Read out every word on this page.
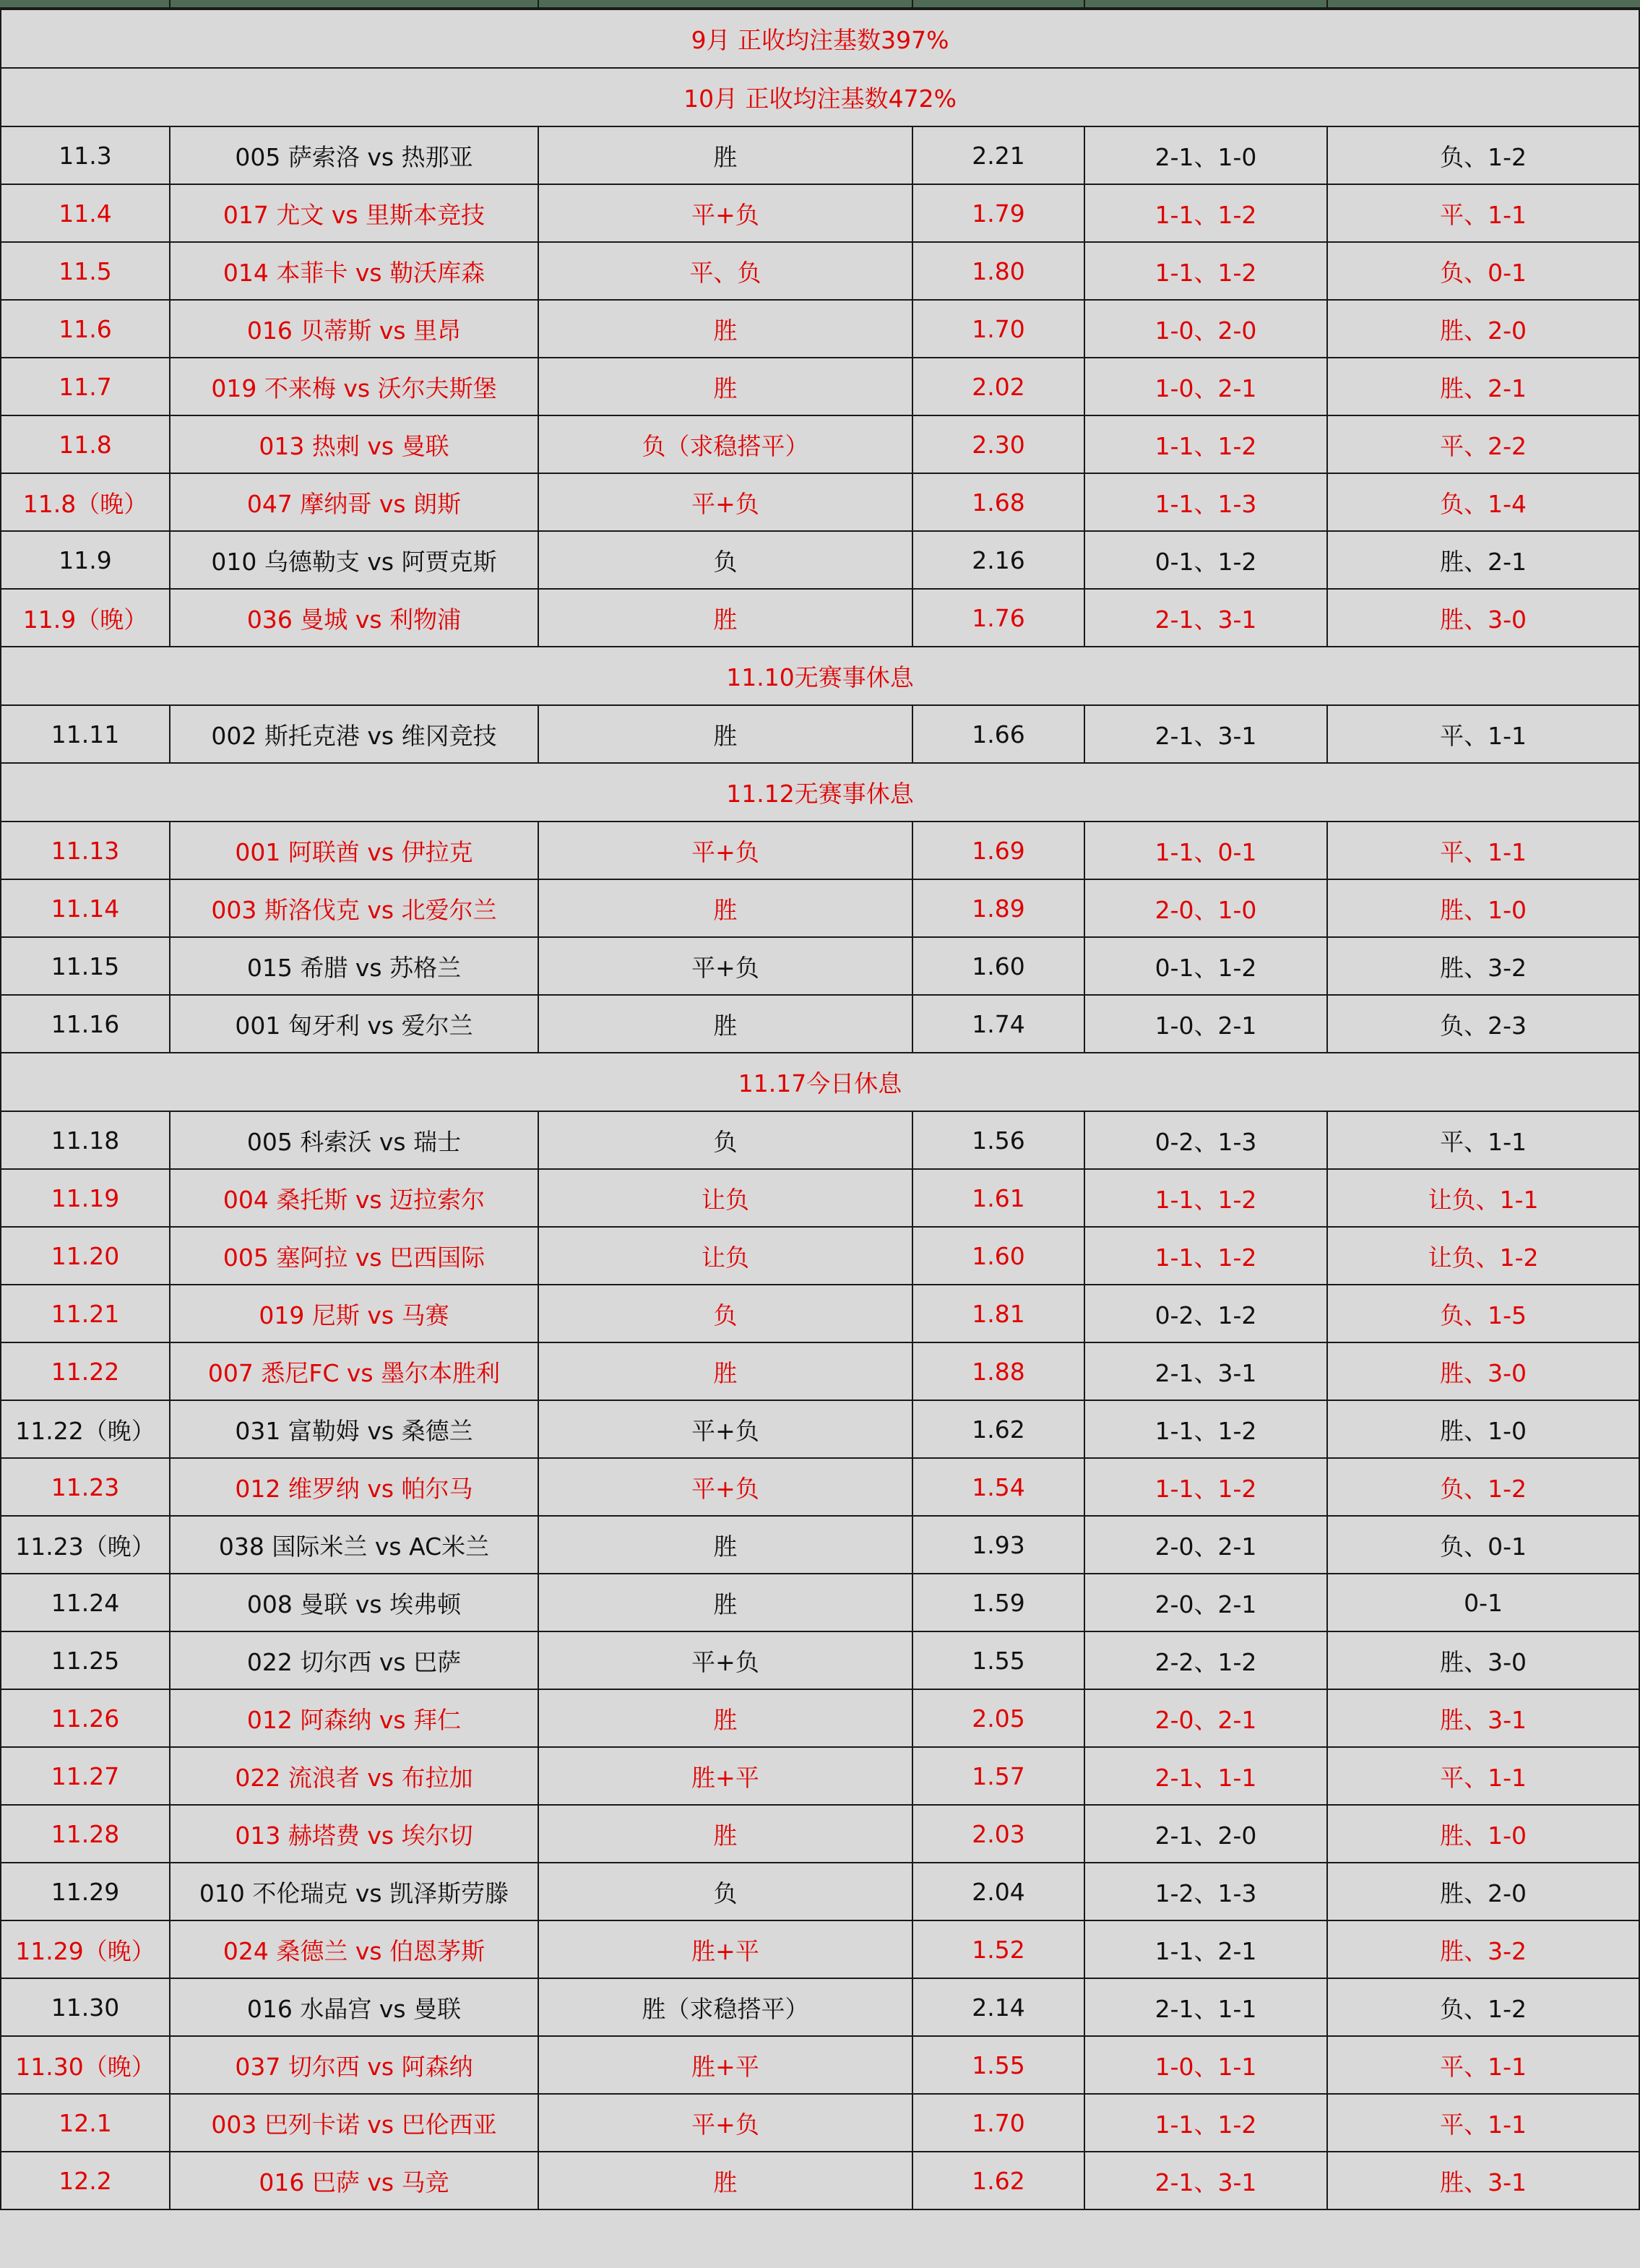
9月 正收均注基数397%					
10月 正收均注基数472%					
11.3	005 萨索洛 vs 热那亚	胜	2.21	2-1、1-0	负、1-2
11.4	017 尤文 vs 里斯本竞技	平+负	1.79	1-1、1-2	平、1-1
11.5	014 本菲卡 vs 勒沃库森	平、负	1.80	1-1、1-2	负、0-1
11.6	016 贝蒂斯 vs 里昂	胜	1.70	1-0、2-0	胜、2-0
11.7	019 不来梅 vs 沃尔夫斯堡	胜	2.02	1-0、2-1	胜、2-1
11.8	013 热刺 vs 曼联	负（求稳搭平）	2.30	1-1、1-2	平、2-2
11.8（晚）	047 摩纳哥 vs 朗斯	平+负	1.68	1-1、1-3	负、1-4
11.9	010 乌德勒支 vs 阿贾克斯	负	2.16	0-1、1-2	胜、2-1
11.9（晚）	036 曼城 vs 利物浦	胜	1.76	2-1、3-1	胜、3-0
11.10无赛事休息					
11.11	002 斯托克港 vs 维冈竞技	胜	1.66	2-1、3-1	平、1-1
11.12无赛事休息					
11.13	001 阿联酋 vs 伊拉克	平+负	1.69	1-1、0-1	平、1-1
11.14	003 斯洛伐克 vs 北爱尔兰	胜	1.89	2-0、1-0	胜、1-0
11.15	015 希腊 vs 苏格兰	平+负	1.60	0-1、1-2	胜、3-2
11.16	001 匈牙利 vs 爱尔兰	胜	1.74	1-0、2-1	负、2-3
11.17今日休息					
11.18	005 科索沃 vs 瑞士	负	1.56	0-2、1-3	平、1-1
11.19	004 桑托斯 vs 迈拉索尔	让负	1.61	1-1、1-2	让负、1-1
11.20	005 塞阿拉 vs 巴西国际	让负	1.60	1-1、1-2	让负、1-2
11.21	019 尼斯 vs 马赛	负	1.81	0-2、1-2	负、1-5
11.22	007 悉尼FC vs 墨尔本胜利	胜	1.88	2-1、3-1	胜、3-0
11.22（晚）	031 富勒姆 vs 桑德兰	平+负	1.62	1-1、1-2	胜、1-0
11.23	012 维罗纳 vs 帕尔马	平+负	1.54	1-1、1-2	负、1-2
11.23（晚）	038 国际米兰 vs AC米兰	胜	1.93	2-0、2-1	负、0-1
11.24	008 曼联 vs 埃弗顿	胜	1.59	2-0、2-1	0-1
11.25	022 切尔西 vs 巴萨	平+负	1.55	2-2、1-2	胜、3-0
11.26	012 阿森纳 vs 拜仁	胜	2.05	2-0、2-1	胜、3-1
11.27	022 流浪者 vs 布拉加	胜+平	1.57	2-1、1-1	平、1-1
11.28	013 赫塔费 vs 埃尔切	胜	2.03	2-1、2-0	胜、1-0
11.29	010 不伦瑞克 vs 凯泽斯劳滕	负	2.04	1-2、1-3	胜、2-0
11.29（晚）	024 桑德兰 vs 伯恩茅斯	胜+平	1.52	1-1、2-1	胜、3-2
11.30	016 水晶宫 vs 曼联	胜（求稳搭平）	2.14	2-1、1-1	负、1-2
11.30（晚）	037 切尔西 vs 阿森纳	胜+平	1.55	1-0、1-1	平、1-1
12.1	003 巴列卡诺 vs 巴伦西亚	平+负	1.70	1-1、1-2	平、1-1
12.2	016 巴萨 vs 马竞	胜	1.62	2-1、3-1	胜、3-1
